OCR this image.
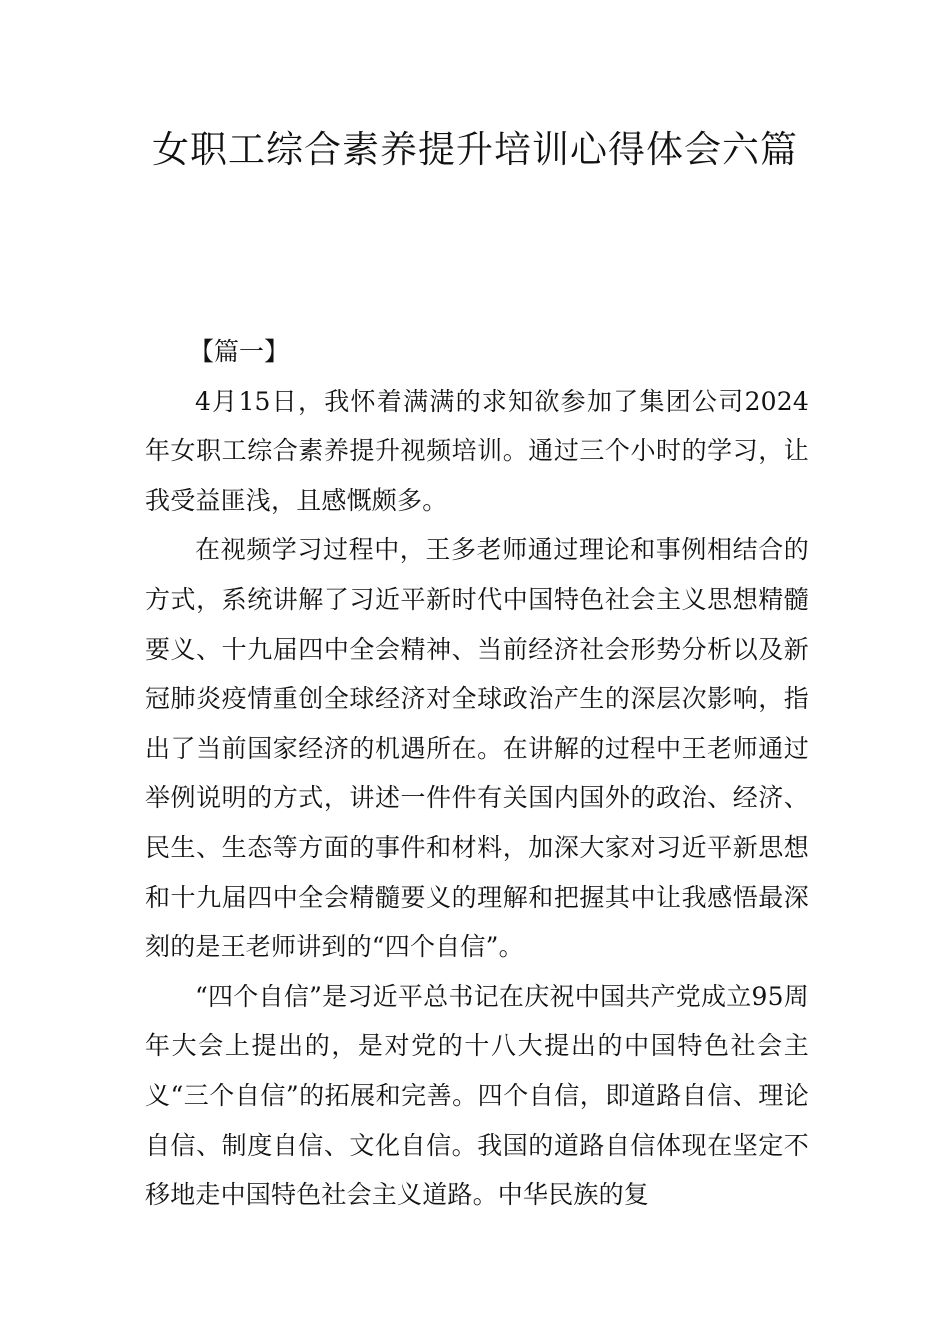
女职工综合素养提升培训心得体会六篇

【篇一】

4月15日，我怀着满满的求知欲参加了集团公司2024年女职工综合素养提升视频培训。通过三个小时的学习，让我受益匪浅，且感慨颇多。

在视频学习过程中，王多老师通过理论和事例相结合的方式，系统讲解了习近平新时代中国特色社会主义思想精髓要义、十九届四中全会精神、当前经济社会形势分析以及新冠肺炎疫情重创全球经济对全球政治产生的深层次影响，指出了当前国家经济的机遇所在。在讲解的过程中王老师通过举例说明的方式，讲述一件件有关国内国外的政治、经济、民生、生态等方面的事件和材料，加深大家对习近平新思想和十九届四中全会精髓要义的理解和把握其中让我感悟最深刻的是王老师讲到的“四个自信”。

“四个自信”是习近平总书记在庆祝中国共产党成立95周年大会上提出的，是对党的十八大提出的中国特色社会主义“三个自信”的拓展和完善。四个自信，即道路自信、理论自信、制度自信、文化自信。我国的道路自信体现在坚定不移地走中国特色社会主义道路。中华民族的复
